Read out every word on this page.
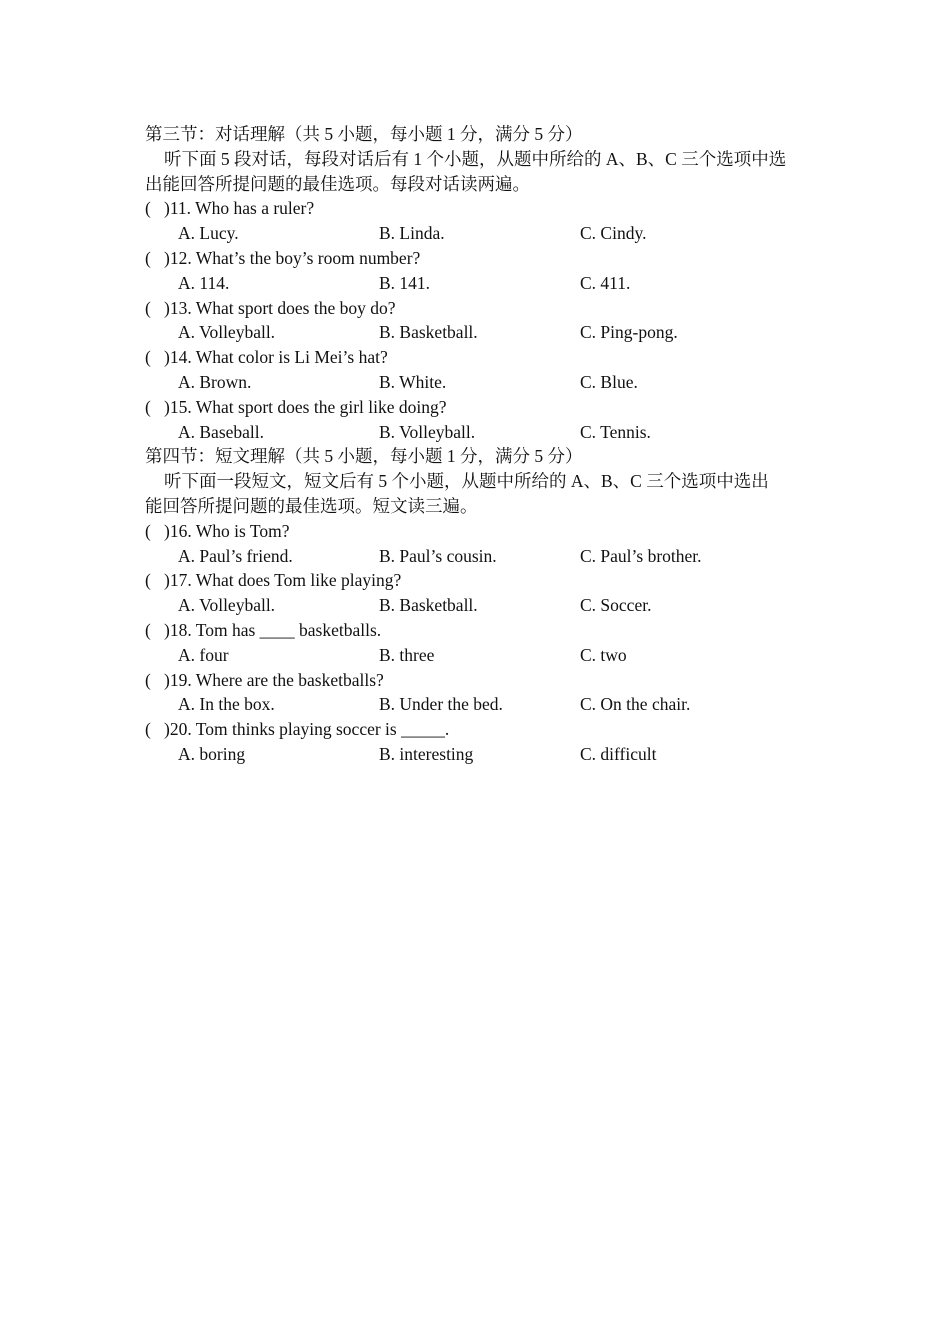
第三节：对话理解（共 5 小题，每小题 1 分，满分 5 分）
听下面 5 段对话，每段对话后有 1 个小题，从题中所给的 A、B、C 三个选项中选
出能回答所提问题的最佳选项。每段对话读两遍。
( )11. Who has a ruler?
A. Lucy.	B. Linda.	C. Cindy.
( )12. What’s the boy’s room number?
A. 114.	B. 141.	C. 411.
( )13. What sport does the boy do?
A. Volleyball.	B. Basketball.	C. Ping-pong.
( )14. What color is Li Mei’s hat?
A. Brown.	B. White.	C. Blue.
( )15. What sport does the girl like doing?
A. Baseball.	B. Volleyball.	C. Tennis.
第四节：短文理解（共 5 小题，每小题 1 分，满分 5 分）
听下面一段短文，短文后有 5 个小题，从题中所给的 A、B、C 三个选项中选出
能回答所提问题的最佳选项。短文读三遍。
( )16. Who is Tom?
A. Paul’s friend.	B. Paul’s cousin.	C. Paul’s brother.
( )17. What does Tom like playing?
A. Volleyball.	B. Basketball.	C. Soccer.
( )18. Tom has ____ basketballs.
A. four	B. three	C. two
( )19. Where are the basketballs?
A. In the box.	B. Under the bed.	C. On the chair.
( )20. Tom thinks playing soccer is _____.
A. boring	B. interesting	C. difficult
